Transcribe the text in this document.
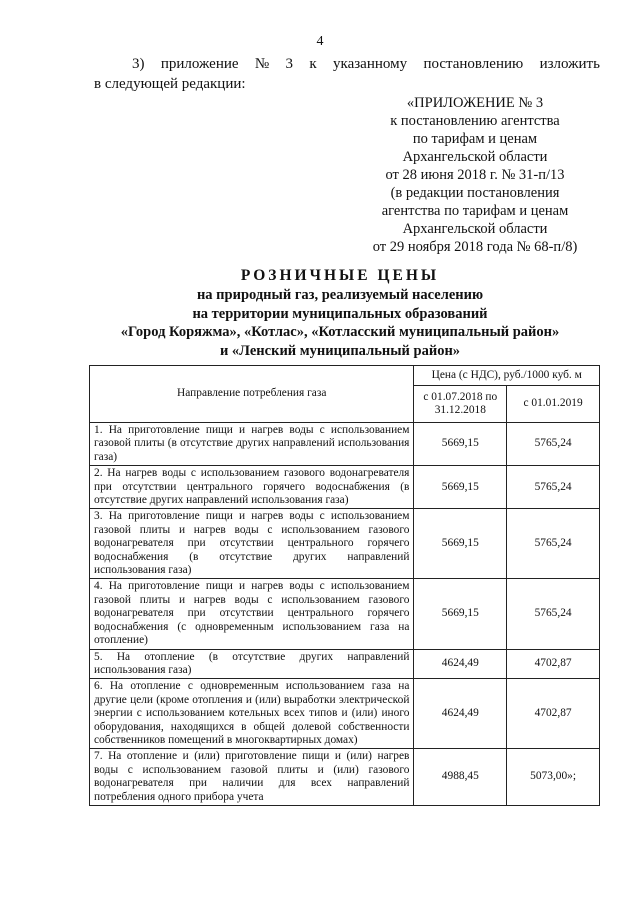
4
3) приложение № 3 к указанному постановлению изложить
в следующей редакции:
«ПРИЛОЖЕНИЕ № 3
к постановлению агентства
по тарифам и ценам
Архангельской области
от 28 июня 2018 г. № 31-п/13
(в редакции постановления
агентства по тарифам и ценам
Архангельской области
от 29 ноября 2018 года № 68-п/8)
РОЗНИЧНЫЕ ЦЕНЫ
на природный газ, реализуемый населению
на территории муниципальных образований
«Город Коряжма», «Котлас», «Котласский муниципальный район»
и «Ленский муниципальный район»
Направление потребления газа	Цена (с НДС), руб./1000 куб. м	
	с 01.07.2018 по 31.12.2018	с 01.01.2019
1. На приготовление пищи и нагрев воды с использованием газовой плиты (в отсутствие других направлений использования газа)	5669,15	5765,24
2. На нагрев воды с использованием газового водонагревателя при отсутствии центрального горячего водоснабжения (в отсутствие других направлений использования газа)	5669,15	5765,24
3. На приготовление пищи и нагрев воды с использованием газовой плиты и нагрев воды с использованием газового водонагревателя при отсутствии центрального горячего водоснабжения (в отсутствие других направлений использования газа)	5669,15	5765,24
4. На приготовление пищи и нагрев воды с использованием газовой плиты и нагрев воды с использованием газового водонагревателя при отсутствии центрального горячего водоснабжения (с одновременным использованием газа на отопление)	5669,15	5765,24
5. На отопление (в отсутствие других направлений использования газа)	4624,49	4702,87
6. На отопление с одновременным использованием газа на другие цели (кроме отопления и (или) выработки электрической энергии с использованием котельных всех типов и (или) иного оборудования, находящихся в общей долевой собственности собственников помещений в многоквартирных домах)	4624,49	4702,87
7. На отопление и (или) приготовление пищи и (или) нагрев воды с использованием газовой плиты и (или) газового водонагревателя при наличии для всех направлений потребления одного прибора учета	4988,45	5073,00»;
